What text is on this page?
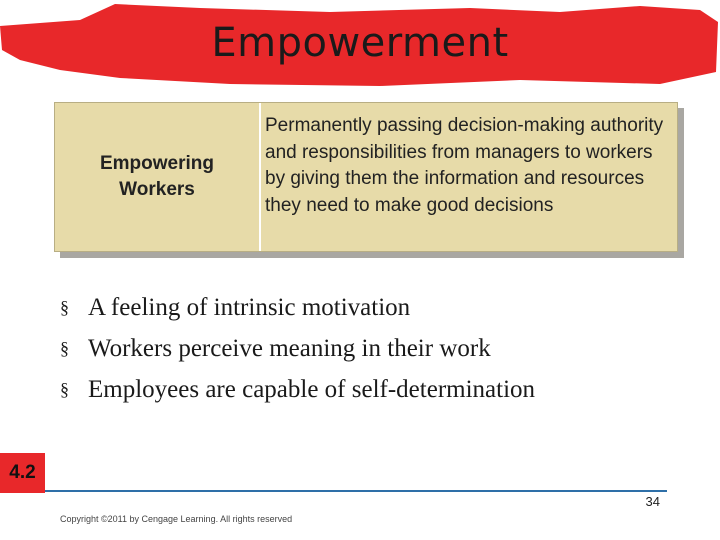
Empowerment
Empowering Workers
Permanently passing decision-making authority and responsibilities from managers to workers by giving them the information and resources they need to make good decisions
§ A feeling of intrinsic motivation
§ Workers perceive meaning in their work
§ Employees are capable of self-determination
4.2
34
Copyright ©2011 by Cengage Learning. All rights reserved
